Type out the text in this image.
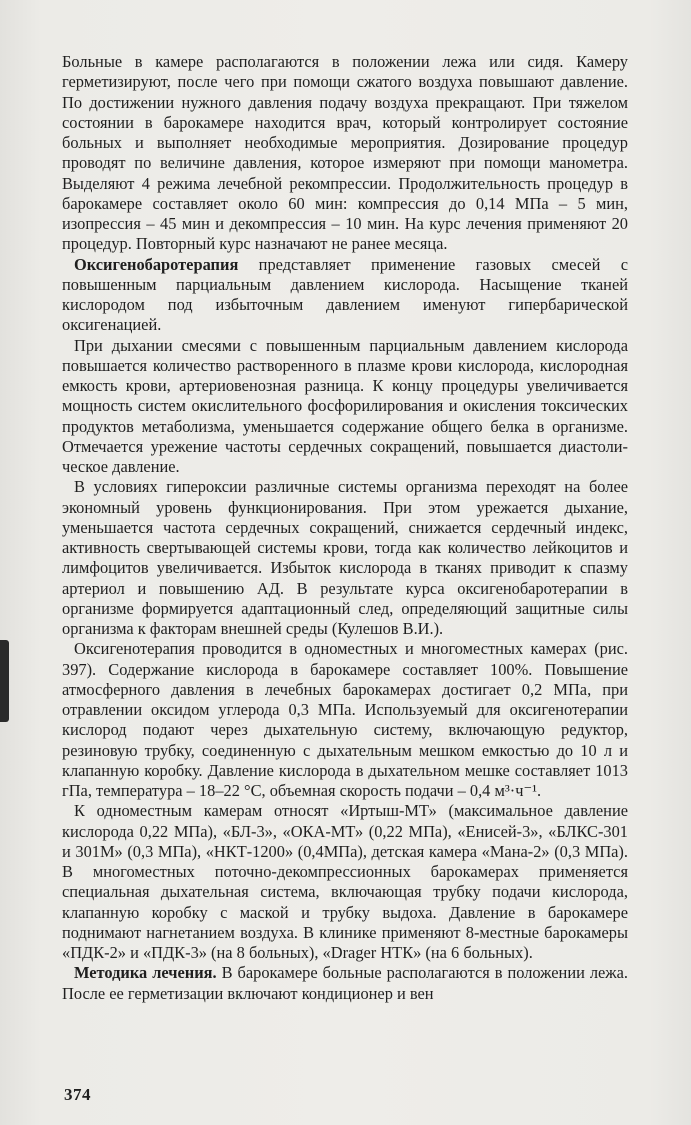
Больные в камере располагаются в положении лежа или сидя. Камеру герметизируют, после чего при помощи сжатого воздуха повышают давление. По достижении нужного давления подачу воздуха прекращают. При тяжелом состоянии в барокамере находится врач, который контролирует состояние больных и выполняет необходимые мероприятия. Дозирование процедур проводят по величине давления, которое измеряют при помощи манометра. Выделяют 4 режима лечебной рекомпрессии. Продолжительность процедур в барокамере составляет около 60 мин: компрессия до 0,14 МПа – 5 мин, изопрессия – 45 мин и декомпрессия – 10 мин. На курс лечения применяют 20 процедур. Повторный курс назначают не ранее месяца.

Оксигенобаротерапия представляет применение газовых смесей с повышенным парциальным давлением кислорода. Насыщение тканей кислородом под избыточным давлением именуют гипербарической оксигенацией.

При дыхании смесями с повышенным парциальным давлением кислорода повышается количество растворенного в плазме крови кислорода, кислородная емкость крови, артериовенозная разница. К концу процедуры увеличивается мощность систем окислительного фосфорилирования и окисления токсических продуктов метаболизма, уменьшается содержание общего белка в организме. Отмечается урежение частоты сердечных сокращений, повышается диастолическое давление.

В условиях гипероксии различные системы организма переходят на более экономный уровень функционирования. При этом урежается дыхание, уменьшается частота сердечных сокращений, снижается сердечный индекс, активность свертывающей системы крови, тогда как количество лейкоцитов и лимфоцитов увеличивается. Избыток кислорода в тканях приводит к спазму артериол и повышению АД. В результате курса оксигенобаротерапии в организме формируется адаптационный след, определяющий защитные силы организма к факторам внешней среды (Кулешов В.И.).

Оксигенотерапия проводится в одноместных и многоместных камерах (рис. 397). Содержание кислорода в барокамере составляет 100%. Повышение атмосферного давления в лечебных барокамерах достигает 0,2 МПа, при отравлении оксидом углерода 0,3 МПа. Используемый для оксигенотерапии кислород подают через дыхательную систему, включающую редуктор, резиновую трубку, соединенную с дыхательным мешком емкостью до 10 л и клапанную коробку. Давление кислорода в дыхательном мешке составляет 1013 гПа, температура – 18–22 °С, объемная скорость подачи – 0,4 м³·ч⁻¹.

К одноместным камерам относят «Иртыш-МТ» (максимальное давление кислорода 0,22 МПа), «БЛ-3», «ОКА-МТ» (0,22 МПа), «Енисей-3», «БЛКС-301 и 301М» (0,3 МПа), «НКТ-1200» (0,4МПа), детская камера «Мана-2» (0,3 МПа). В многоместных поточно-декомпрессионных барокамерах применяется специальная дыхательная система, включающая трубку подачи кислорода, клапанную коробку с маской и трубку выдоха. Давление в барокамере поднимают нагнетанием воздуха. В клинике применяют 8-местные барокамеры «ПДК-2» и «ПДК-3» (на 8 больных), «Drager НТК» (на 6 больных).

Методика лечения. В барокамере больные располагаются в положении лежа. После ее герметизации включают кондиционер и вен

374
